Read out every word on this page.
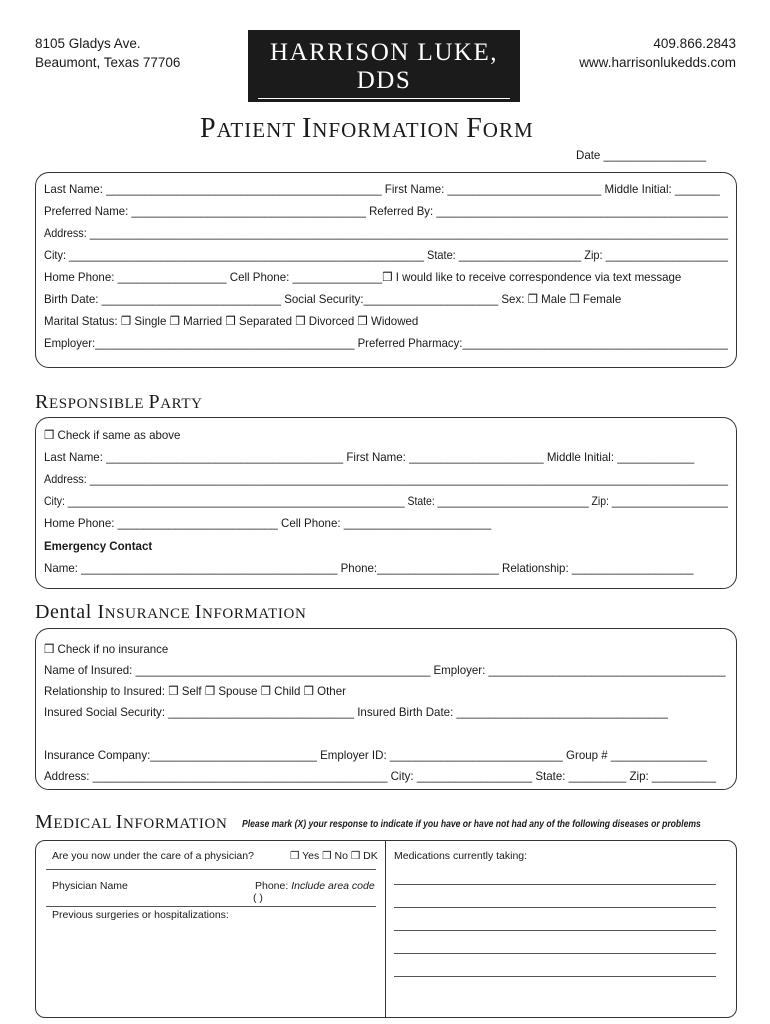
8105 Gladys Ave.
Beaumont, Texas 77706
409.866.2843
www.harrisonlukedds.com
HARRISON LUKE, DDS
RESTORATIVE + FAMILY DENTISTRY
PATIENT INFORMATION FORM
Date ________________
Last Name: ___________________________________________ First Name: ________________________ Middle Initial: _______
Preferred Name: _____________________________________ Referred By: ______________________________________________
Address: __________________________________________________________________________________________________________
City: __________________________________________________________ State: ____________________ Zip: ____________________
Home Phone: _________________ Cell Phone: ______________❒ I would like to receive correspondence via text message
Birth Date: ____________________________ Social Security:_____________________ Sex: ❒ Male ❒ Female
Marital Status: ❒ Single ❒ Married ❒ Separated ❒ Divorced ❒ Widowed
Employer:_________________________________________ Preferred Pharmacy:__________________________________________
RESPONSIBLE PARTY
❒ Check if same as above
Last Name: _____________________________________ First Name: _____________________ Middle Initial: ____________
Address: __________________________________________________________________________________________________________
City: __________________________________________________________ State: __________________________ Zip: ____________________
Home Phone: _________________________ Cell Phone: _______________________
Emergency Contact
Name: ________________________________________ Phone:___________________ Relationship: ___________________
Dental INSURANCE INFORMATION
❒ Check if no insurance
Name of Insured: ______________________________________________ Employer: _____________________________________
Relationship to Insured: ❒ Self ❒ Spouse ❒ Child ❒ Other
Insured Social Security: _____________________________ Insured Birth Date: _________________________________
Insurance Company:__________________________ Employer ID: ___________________________ Group # _______________
Address: ______________________________________________ City: __________________ State: _________ Zip: __________
MEDICAL INFORMATION Please mark (X) your response to indicate if you have or have not had any of the following diseases or problems
Are you now under the care of a physician?	❒ Yes ❒ No ❒ DK
Physician Name	Phone: Include area code
( )
Previous surgeries or hospitalizations:
Medications currently taking:
